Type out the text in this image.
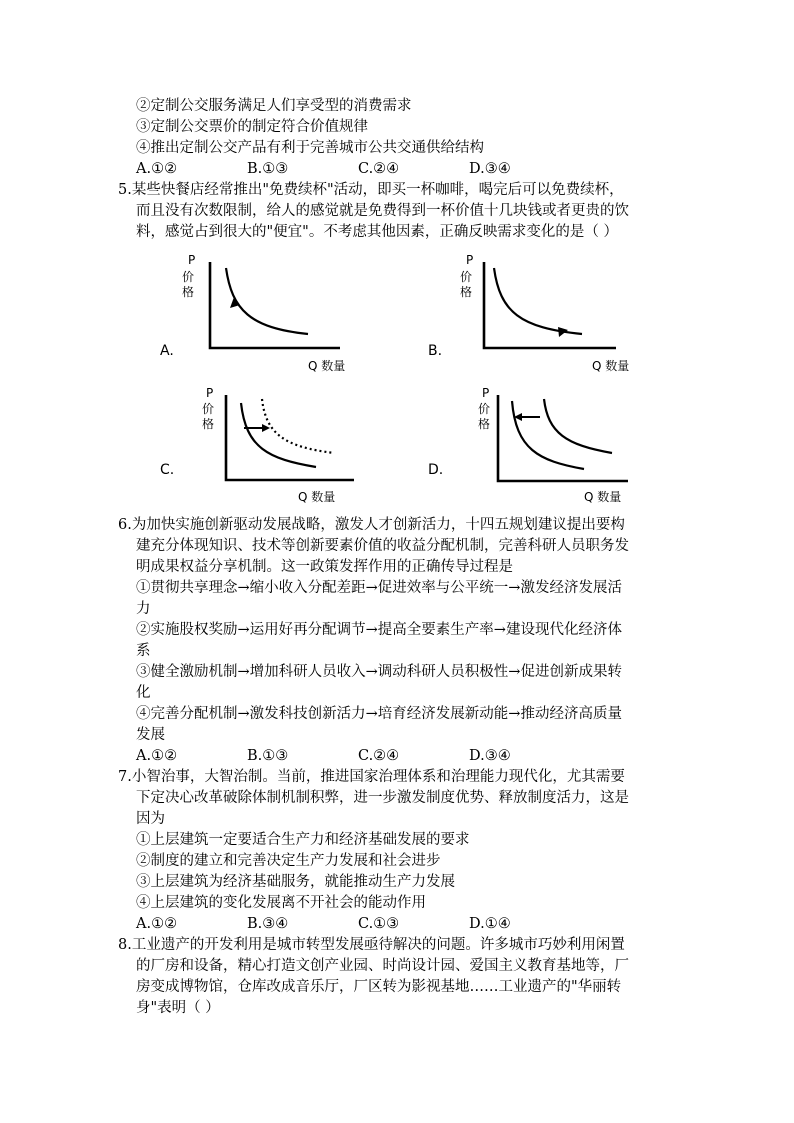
②定制公交服务满足人们享受型的消费需求
③定制公交票价的制定符合价值规律
④推出定制公交产品有利于完善城市公共交通供给结构
A.①②	B.①③	C.②④	D.③④
5.某些快餐店经常推出"免费续杯"活动，即买一杯咖啡，喝完后可以免费续杯，
而且没有次数限制，给人的感觉就是免费得到一杯价值十几块钱或者更贵的饮
料，感觉占到很大的"便宜"。不考虑其他因素，正确反映需求变化的是（ ）
A.
P
价
格
Q 数量
B.
P
价
格
Q 数量
C.
P
价
格
Q 数量
D.
P
价
格
Q 数量
6.为加快实施创新驱动发展战略，激发人才创新活力，十四五规划建议提出要构
建充分体现知识、技术等创新要素价值的收益分配机制，完善科研人员职务发
明成果权益分享机制。这一政策发挥作用的正确传导过程是
①贯彻共享理念→缩小收入分配差距→促进效率与公平统一→激发经济发展活
力
②实施股权奖励→运用好再分配调节→提高全要素生产率→建设现代化经济体
系
③健全激励机制→增加科研人员收入→调动科研人员积极性→促进创新成果转
化
④完善分配机制→激发科技创新活力→培育经济发展新动能→推动经济高质量
发展
A.①②	B.①③	C.②④	D.③④
7.小智治事，大智治制。当前，推进国家治理体系和治理能力现代化，尤其需要
下定决心改革破除体制机制积弊，进一步激发制度优势、释放制度活力，这是
因为
①上层建筑一定要适合生产力和经济基础发展的要求
②制度的建立和完善决定生产力发展和社会进步
③上层建筑为经济基础服务，就能推动生产力发展
④上层建筑的变化发展离不开社会的能动作用
A.①②	B.③④	C.①③	D.①④
8.工业遗产的开发利用是城市转型发展亟待解决的问题。许多城市巧妙利用闲置
的厂房和设备，精心打造文创产业园、时尚设计园、爱国主义教育基地等，厂
房变成博物馆，仓库改成音乐厅，厂区转为影视基地……工业遗产的"华丽转
身"表明（ ）
